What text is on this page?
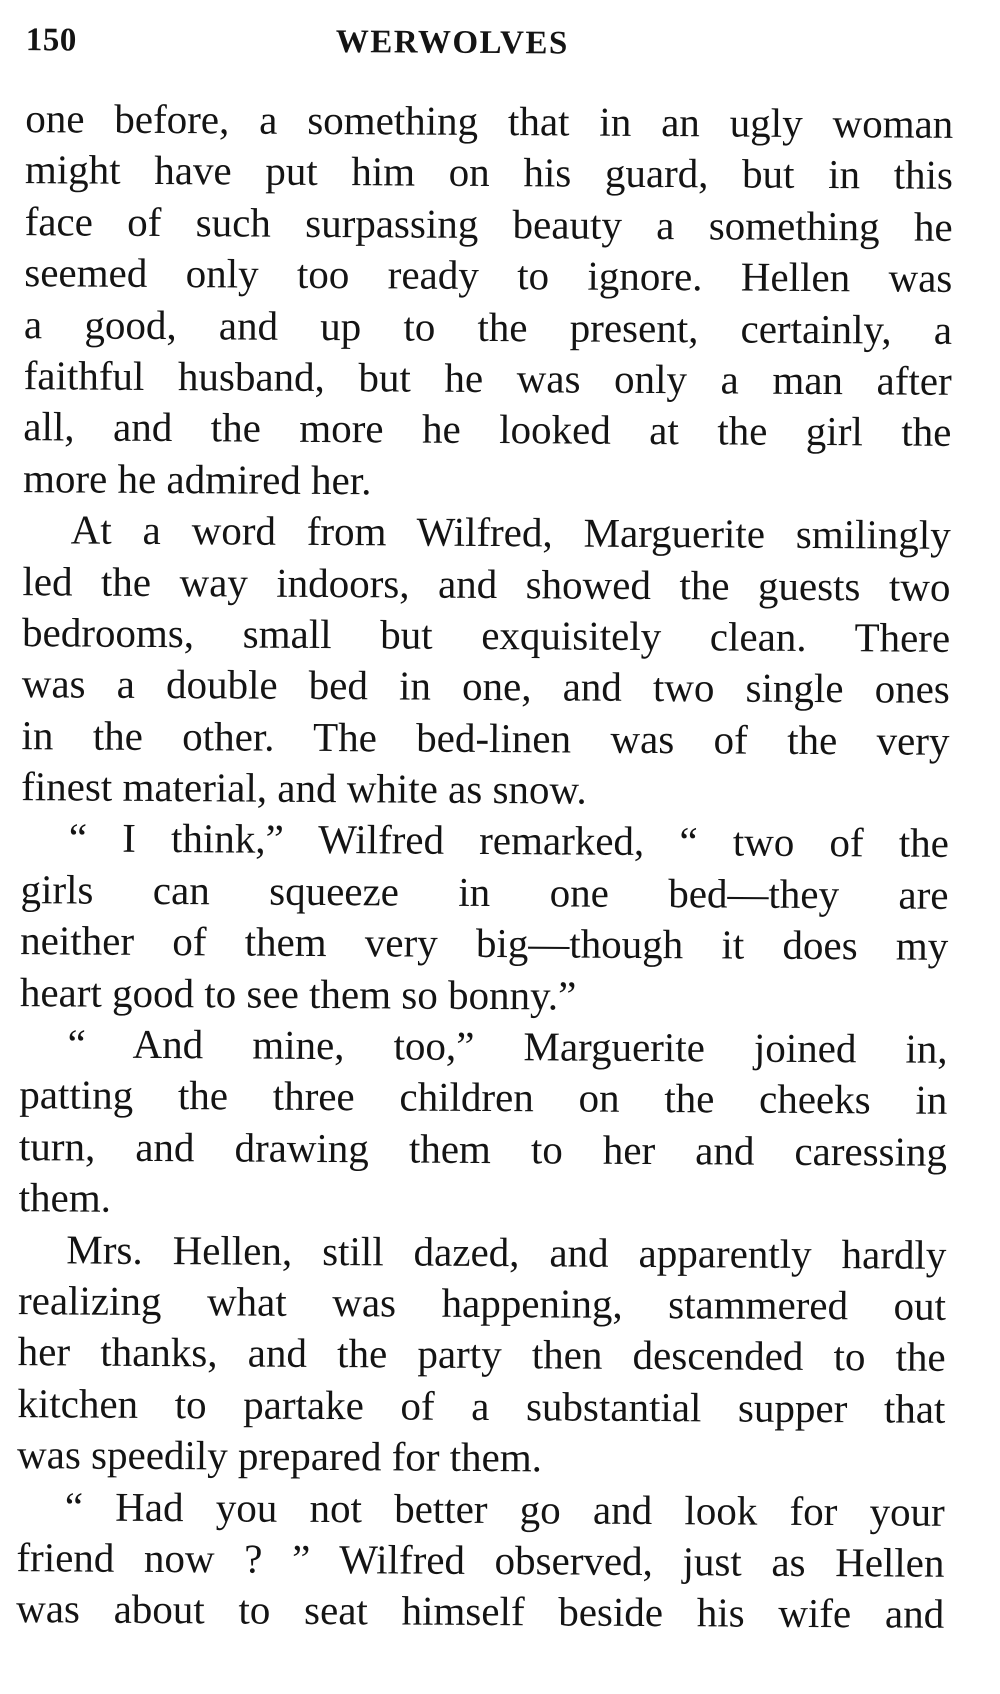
150	WERWOLVES
one before, a something that in an ugly woman
might have put him on his guard, but in this
face of such surpassing beauty a something he
seemed only too ready to ignore. Hellen was
a good, and up to the present, certainly, a
faithful husband, but he was only a man after
all, and the more he looked at the girl the
more he admired her.
At a word from Wilfred, Marguerite smilingly
led the way indoors, and showed the guests two
bedrooms, small but exquisitely clean. There
was a double bed in one, and two single ones
in the other. The bed-linen was of the very
finest material, and white as snow.
“ I think,” Wilfred remarked, “ two of the
girls can squeeze in one bed—they are
neither of them very big—though it does my
heart good to see them so bonny.”
“ And mine, too,” Marguerite joined in,
patting the three children on the cheeks in
turn, and drawing them to her and caressing
them.
Mrs. Hellen, still dazed, and apparently hardly
realizing what was happening, stammered out
her thanks, and the party then descended to the
kitchen to partake of a substantial supper that
was speedily prepared for them.
“ Had you not better go and look for your
friend now ? ” Wilfred observed, just as Hellen
was about to seat himself beside his wife and
